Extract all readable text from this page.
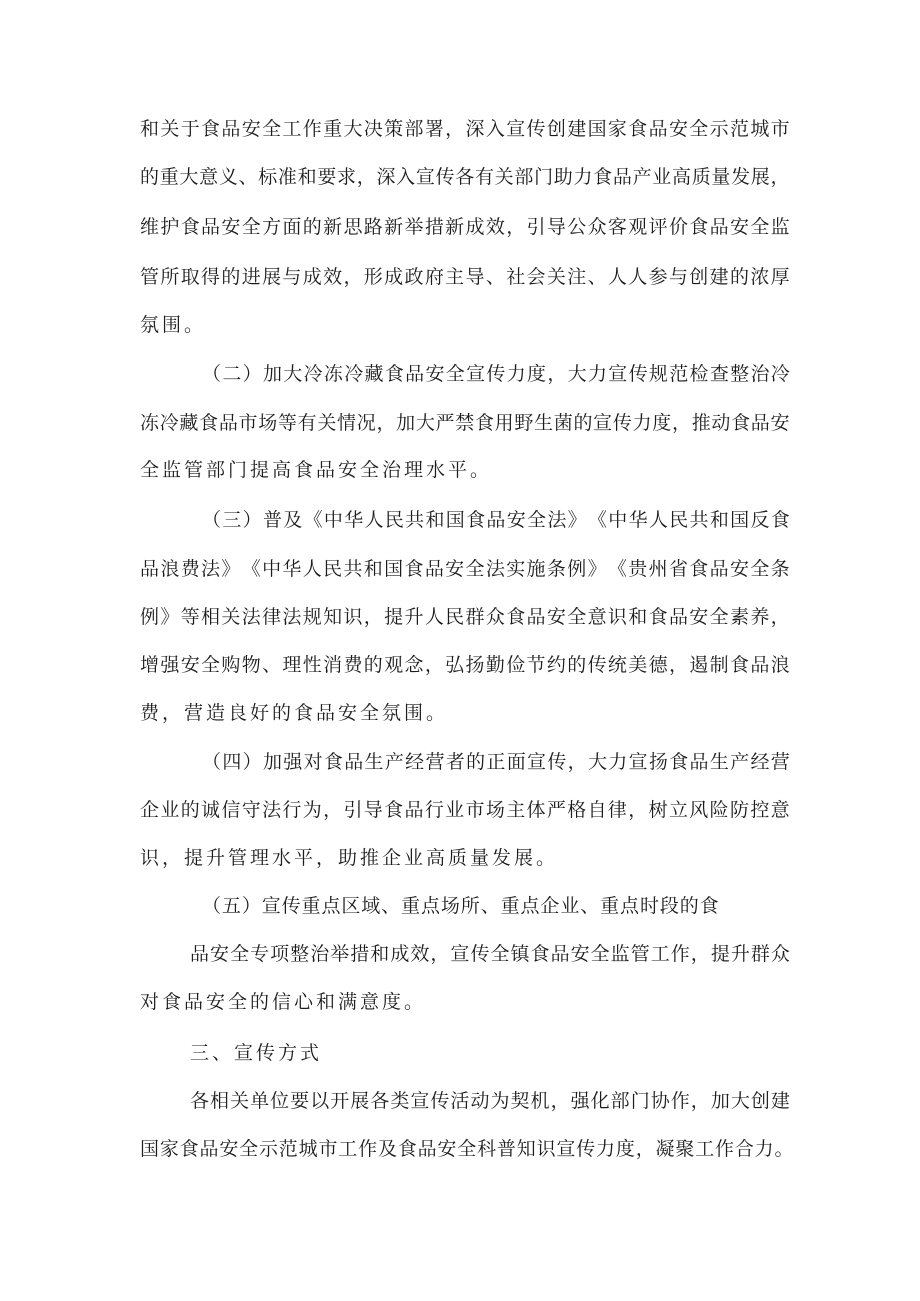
和 关 于 食 品 安 全 工 作 重 大 决 策 部 署 ， 深 入 宣 传 创 建 国 家 食 品 安 全 示 范 城 市
的 重 大 意 义 、 标 准 和 要 求 ， 深 入 宣 传 各 有 关 部 门 助 力 食 品 产 业 高 质 量 发 展 ，
维 护 食 品 安 全 方 面 的 新 思 路 新 举 措 新 成 效 ， 引 导 公 众 客 观 评 价 食 品 安 全 监
管 所 取 得 的 进 展 与 成 效 ， 形 成 政 府 主 导 、 社 会 关 注 、 人 人 参 与 创 建 的 浓 厚
氛围。
（ 二 ） 加 大 冷 冻 冷 藏 食 品 安 全 宣 传 力 度 ， 大 力 宣 传 规 范 检 查 整 治 冷
冻 冷 藏 食 品 市 场 等 有 关 情 况 ， 加 大 严 禁 食 用 野 生 菌 的 宣 传 力 度 ， 推 动 食 品 安
全监管部门提高食品安全治理水平。
（ 三 ） 普 及 《 中 华 人 民 共 和 国 食 品 安 全 法 》 《 中 华 人 民 共 和 国 反 食
品 浪 费 法 》 《 中 华 人 民 共 和 国 食 品 安 全 法 实 施 条 例 》 《 贵 州 省 食 品 安 全 条
例 》 等 相 关 法 律 法 规 知 识 ， 提 升 人 民 群 众 食 品 安 全 意 识 和 食 品 安 全 素 养 ，
增 强 安 全 购 物 、 理 性 消 费 的 观 念 ， 弘 扬 勤 俭 节 约 的 传 统 美 德 ， 遏 制 食 品 浪
费，营造良好的食品安全氛围。
（ 四 ） 加 强 对 食 品 生 产 经 营 者 的 正 面 宣 传 ， 大 力 宣 扬 食 品 生 产 经 营
企 业 的 诚 信 守 法 行 为 ， 引 导 食 品 行 业 市 场 主 体 严 格 自 律 ， 树 立 风 险 防 控 意
识，提升管理水平，助推企业高质量发展。
（ 五 ） 宣 传 重 点 区 域 、 重 点 场 所 、 重 点 企 业 、 重 点 时 段 的 食
品 安 全 专 项 整 治 举 措 和 成 效 ， 宣 传 全 镇 食 品 安 全 监 管 工 作 ， 提 升 群 众
对食品安全的信心和满意度。
三、宣传方式
各 相 关 单 位 要 以 开 展 各 类 宣 传 活 动 为 契 机 ， 强 化 部 门 协 作 ， 加 大 创 建
国 家 食 品 安 全 示 范 城 市 工 作 及 食 品 安 全 科 普 知 识 宣 传 力 度 ， 凝 聚 工 作 合 力 。
